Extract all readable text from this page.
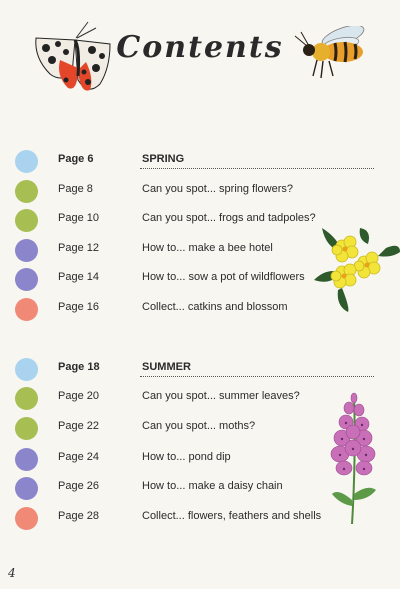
Contents
Page 6	SPRING
Page 8	Can you spot... spring flowers?
Page 10	Can you spot... frogs and tadpoles?
Page 12	How to... make a bee hotel
Page 14	How to... sow a pot of wildflowers
Page 16	Collect... catkins and blossom
Page 18	SUMMER
Page 20	Can you spot... summer leaves?
Page 22	Can you spot... moths?
Page 24	How to... pond dip
Page 26	How to... make a daisy chain
Page 28	Collect... flowers, feathers and shells
4
